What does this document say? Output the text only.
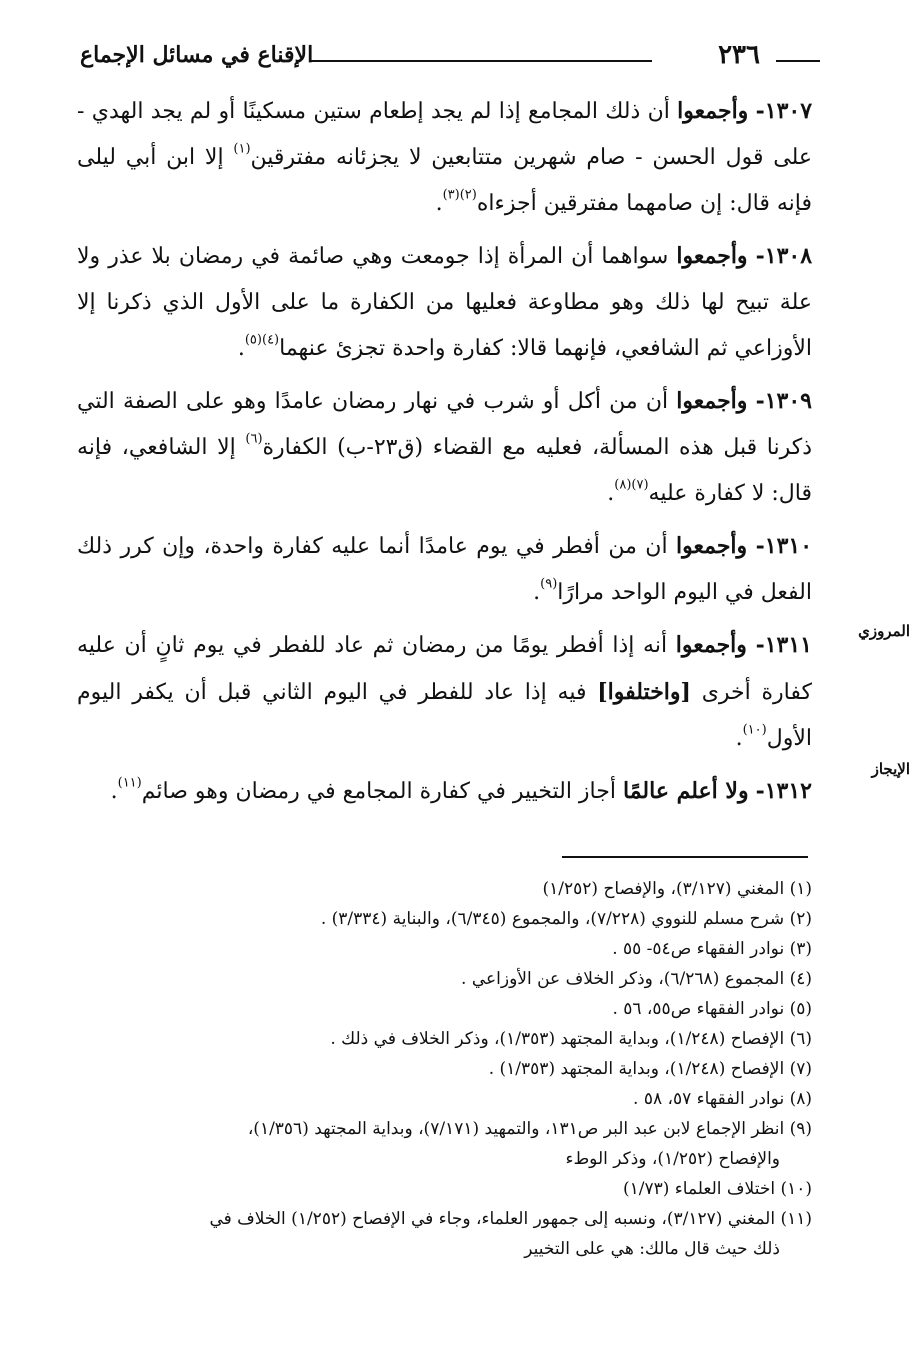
٢٣٦
الإقناع في مسائل الإجماع
المروزي
الإيجاز

١٣٠٧- وأجمعوا أن ذلك المجامع إذا لم يجد إطعام ستين مسكينًا أو لم يجد الهدي - على قول الحسن - صام شهرين متتابعين لا يجزئانه مفترقين$^{(١)}$ إلا ابن أبي ليلى فإنه قال: إن صامهما مفترقين أجزءاه$^{(٢)(٣)}$.

١٣٠٨- وأجمعوا سواهما أن المرأة إذا جومعت وهي صائمة في رمضان بلا عذر ولا علة تبيح لها ذلك وهو مطاوعة فعليها من الكفارة ما على الأول الذي ذكرنا إلا الأوزاعي ثم الشافعي، فإنهما قالا: كفارة واحدة تجزئ عنهما$^{(٤)(٥)}$.

١٣٠٩- وأجمعوا أن من أكل أو شرب في نهار رمضان عامدًا وهو على الصفة التي ذكرنا قبل هذه المسألة، فعليه مع القضاء (ق٢٣-ب) الكفارة$^{(٦)}$ إلا الشافعي، فإنه قال: لا كفارة عليه$^{(٧)(٨)}$.

١٣١٠- وأجمعوا أن من أفطر في يوم عامدًا أنما عليه كفارة واحدة، وإن كرر ذلك الفعل في اليوم الواحد مرارًا$^{(٩)}$.

١٣١١- وأجمعوا أنه إذا أفطر يومًا من رمضان ثم عاد للفطر في يوم ثانٍ أن عليه كفارة أخرى [واختلفوا] فيه إذا عاد للفطر في اليوم الثاني قبل أن يكفر اليوم الأول$^{(١٠)}$.

١٣١٢- ولا أعلم عالمًا أجاز التخيير في كفارة المجامع في رمضان وهو صائم$^{(١١)}$.

(١) المغني (٣/١٢٧)، والإفصاح (١/٢٥٢)

(٢) شرح مسلم للنووي (٧/٢٢٨)، والمجموع (٦/٣٤٥)، والبناية (٣/٣٣٤) .

(٣) نوادر الفقهاء ص٥٤- ٥٥ .

(٤) المجموع (٦/٢٦٨)، وذكر الخلاف عن الأوزاعي .

(٥) نوادر الفقهاء ص٥٥، ٥٦ .

(٦) الإفصاح (١/٢٤٨)، وبداية المجتهد (١/٣٥٣)، وذكر الخلاف في ذلك .

(٧) الإفصاح (١/٢٤٨)، وبداية المجتهد (١/٣٥٣) .

(٨) نوادر الفقهاء ٥٧، ٥٨ .

(٩) انظر الإجماع لابن عبد البر ص١٣١، والتمهيد (٧/١٧١)، وبداية المجتهد (١/٣٥٦)،

والإفصاح (١/٢٥٢)، وذكر الوطء

(١٠) اختلاف العلماء (١/٧٣)

(١١) المغني (٣/١٢٧)، ونسبه إلى جمهور العلماء، وجاء في الإفصاح (١/٢٥٢) الخلاف في

ذلك حيث قال مالك: هي على التخيير
